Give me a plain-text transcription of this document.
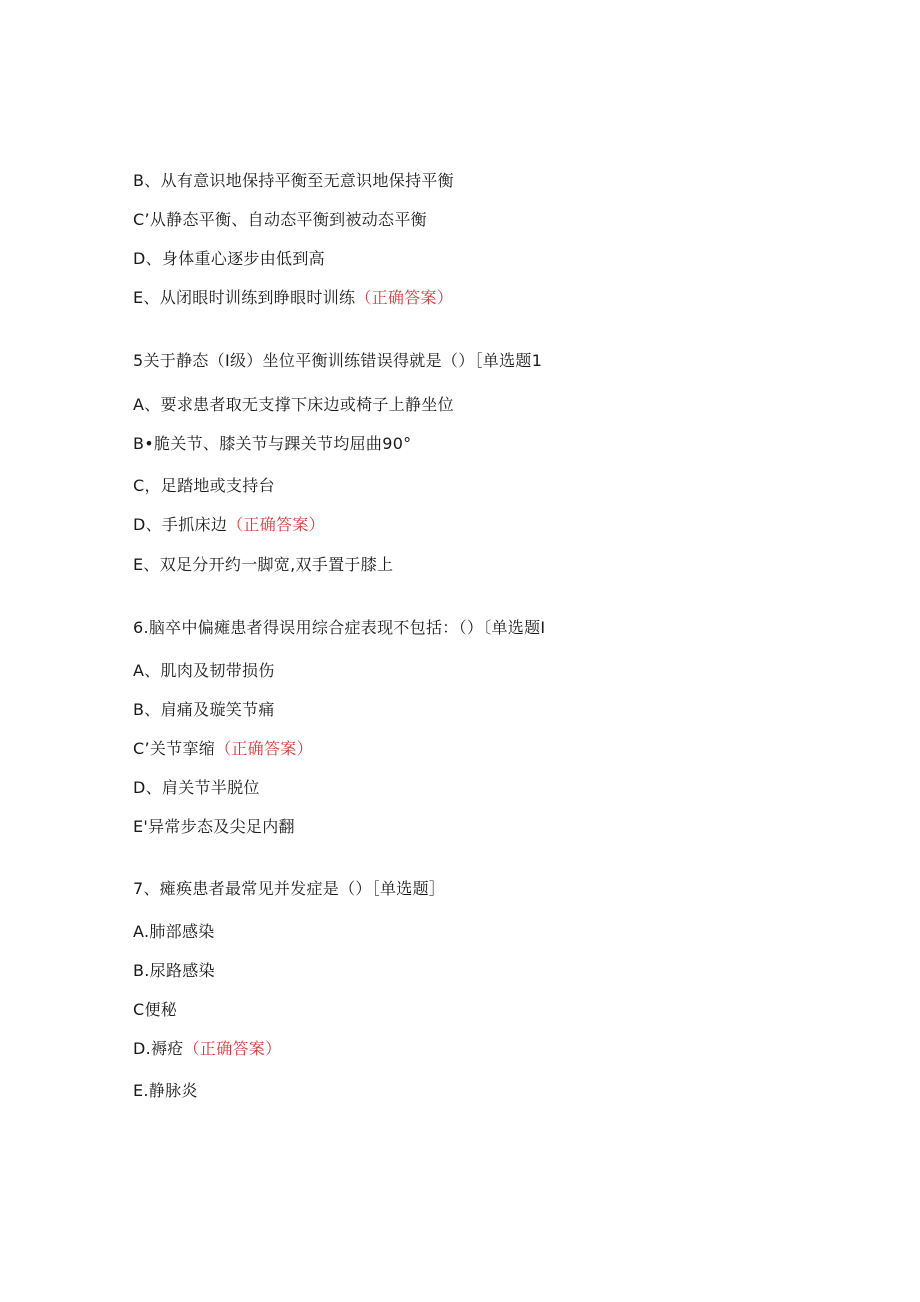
B、从有意识地保持平衡至无意识地保持平衡
C’从静态平衡、自动态平衡到被动态平衡
D、身体重心逐步由低到高
E、从闭眼时训练到睁眼时训练（正确答案）
5关于静态（I级）坐位平衡训练错误得就是（）［单选题1
A、要求患者取无支撑下床边或椅子上静坐位
B•脆关节、膝关节与踝关节均屈曲90°
C，足踏地或支持台
D、手抓床边（正确答案）
E、双足分开约一脚宽,双手置于膝上
6.脑卒中偏瘫患者得误用综合症表现不包括：（）〔单选题I
A、肌肉及韧带损伤
B、肩痛及璇笑节痛
C’关节挛缩（正确答案）
D、肩关节半脱位
E'异常步态及尖足内翻
7、瘫痪患者最常见并发症是（）［单选题］
A.肺部感染
B.尿路感染
C便秘
D.褥疮（正确答案）
E.静脉炎
